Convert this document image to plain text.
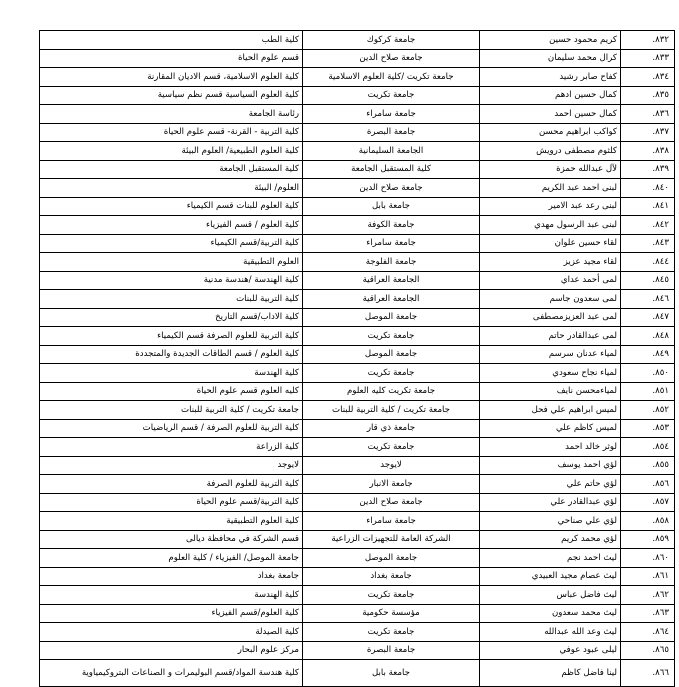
٨٣٢.	كريم محمود حسين	جامعة كركوك	كلية الطب
٨٣٣.	كرال محمد سليمان	جامعة صلاح الدين	قسم علوم الحياة
٨٣٤.	كفاح صابر رشيد	جامعة تكريت /كلية العلوم الاسلامية	كلية العلوم الاسلامية، قسم الاديان المقارنة
٨٣٥.	كمال حسين ادهم	جامعة تكريت	كلية العلوم السياسية قسم نظم سياسية
٨٣٦.	كمال حسين احمد	جامعة سامراء	رئاسة الجامعة
٨٣٧.	كواكب ابراهيم محسن	جامعة البصرة	كلية التربية - القرنة- قسم علوم الحياة
٨٣٨.	كلثوم مصطفى درويش	الجامعة السليمانية	كلية العلوم الطبيعية/ العلوم البيئة
٨٣٩.	لآل عبدالله حمزة	كلية المستقبل الجامعة	كلية المستقبل الجامعة
٨٤٠.	لبنى احمد عبد الكريم	جامعة صلاح الدين	العلوم/ البيئة
٨٤١.	لبنى رعد عبد الامير	جامعة بابل	كلية العلوم للبنات قسم الكيمياء
٨٤٢.	لبنى عبد الرسول مهدي	جامعة الكوفة	كلية العلوم / قسم الفيزياء
٨٤٣.	لقاء حسين علوان	جامعة سامراء	كلية التربية/قسم الكيمياء
٨٤٤.	لقاء مجيد عزيز	جامعة الفلوجة	العلوم التطبيقية
٨٤٥.	لمى أحمد عداي	الجامعة العراقية	كلية الهندسة /هندسة مدنية
٨٤٦.	لمى سعدون جاسم	الجامعة العراقية	كلية التربية للبنات
٨٤٧.	لمى عبد العزيزمصطفى	جامعة الموصل	كلية الاداب/قسم التاريخ
٨٤٨.	لمى عبدالقادر حاتم	جامعة تكريت	كلية التربية للعلوم الصرفة قسم الكيمياء
٨٤٩.	لمياء عدنان سرسم	جامعة الموصل	كلية العلوم / قسم الطاقات الجديدة والمتجددة
٨٥٠.	لمياء نجاح سعودي	جامعة تكريت	كلية الهندسة
٨٥١.	لمياءمحسن نايف	جامعة تكريت كليه العلوم	كليه العلوم قسم علوم الحياة
٨٥٢.	لميس ابراهيم علي فحل	جامعة تكريت / كلية التربية للبنات	جامعة تكريت / كلية التربية للبنات
٨٥٣.	لميس كاظم علي	جامعة ذي قار	كلية التربية للعلوم الصرفة / قسم الرياضيات
٨٥٤.	لوثر خالد احمد	جامعة تكريت	كلية الزراعة
٨٥٥.	لؤي احمد يوسف	لايوجد	لايوجد
٨٥٦.	لؤي حاتم علي	جامعة الانبار	كلية التربية للعلوم الصرفة
٨٥٧.	لؤي عبدالقادر علي	جامعة صلاح الدين	كلية التربية/قسم علوم الحياة
٨٥٨.	لؤي علي صناحي	جامعة سامراء	كلية العلوم التطبيقية
٨٥٩.	لؤي محمد كريم	الشركة العامة للتجهيزات الزراعية	قسم الشركة في محافظة ديالى
٨٦٠.	ليث احمد نجم	جامعة الموصل	جامعة الموصل/ الفيزياء / كلية العلوم
٨٦١.	ليث عصام مجيد العبيدي	جامعة بغداد	جامعة بغداد
٨٦٢.	ليث فاضل عباس	جامعة تكريت	كلية الهندسة
٨٦٣.	ليث محمد سعدون	مؤسسة حكومية	كلية العلوم/قسم الفيزياء
٨٦٤.	ليث وعد الله عبدالله	جامعة تكريت	كلية الصيدلة
٨٦٥.	ليلى عبود عوفي	جامعة البصرة	مركز علوم البحار
٨٦٦.	لينا فاضل كاظم	جامعة بابل	كلية هندسة المواد/قسم البوليمرات و الصناعات البتروكيمياوية
